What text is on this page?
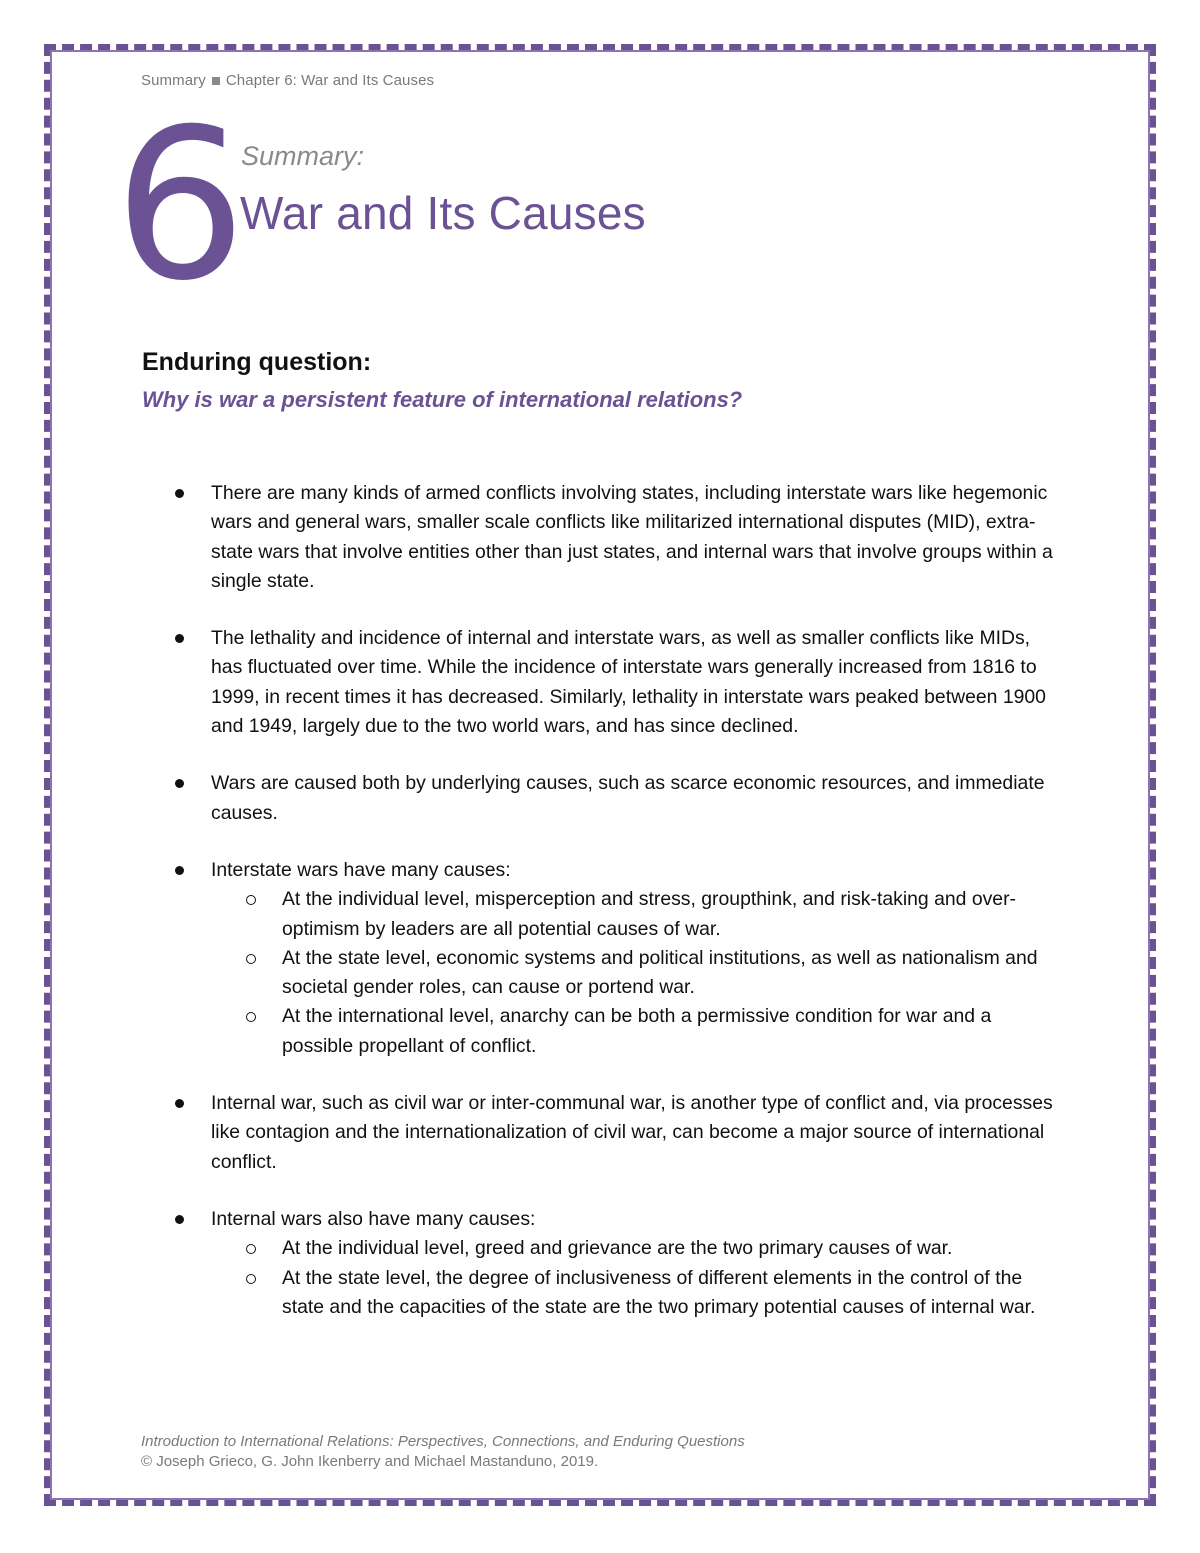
Summary Chapter 6: War and Its Causes
6
Summary:
War and Its Causes
Enduring question:
Why is war a persistent feature of international relations?
There are many kinds of armed conflicts involving states, including interstate wars like hegemonic wars and general wars, smaller scale conflicts like militarized international disputes (MID), extra-state wars that involve entities other than just states, and internal wars that involve groups within a single state.
The lethality and incidence of internal and interstate wars, as well as smaller conflicts like MIDs, has fluctuated over time. While the incidence of interstate wars generally increased from 1816 to 1999, in recent times it has decreased. Similarly, lethality in interstate wars peaked between 1900 and 1949, largely due to the two world wars, and has since declined.
Wars are caused both by underlying causes, such as scarce economic resources, and immediate causes.
Interstate wars have many causes:
At the individual level, misperception and stress, groupthink, and risk-taking and over-optimism by leaders are all potential causes of war.
At the state level, economic systems and political institutions, as well as nationalism and societal gender roles, can cause or portend war.
At the international level, anarchy can be both a permissive condition for war and a possible propellant of conflict.
Internal war, such as civil war or inter-communal war, is another type of conflict and, via processes like contagion and the internationalization of civil war, can become a major source of international conflict.
Internal wars also have many causes:
At the individual level, greed and grievance are the two primary causes of war.
At the state level, the degree of inclusiveness of different elements in the control of the state and the capacities of the state are the two primary potential causes of internal war.
Introduction to International Relations: Perspectives, Connections, and Enduring Questions
© Joseph Grieco, G. John Ikenberry and Michael Mastanduno, 2019.
